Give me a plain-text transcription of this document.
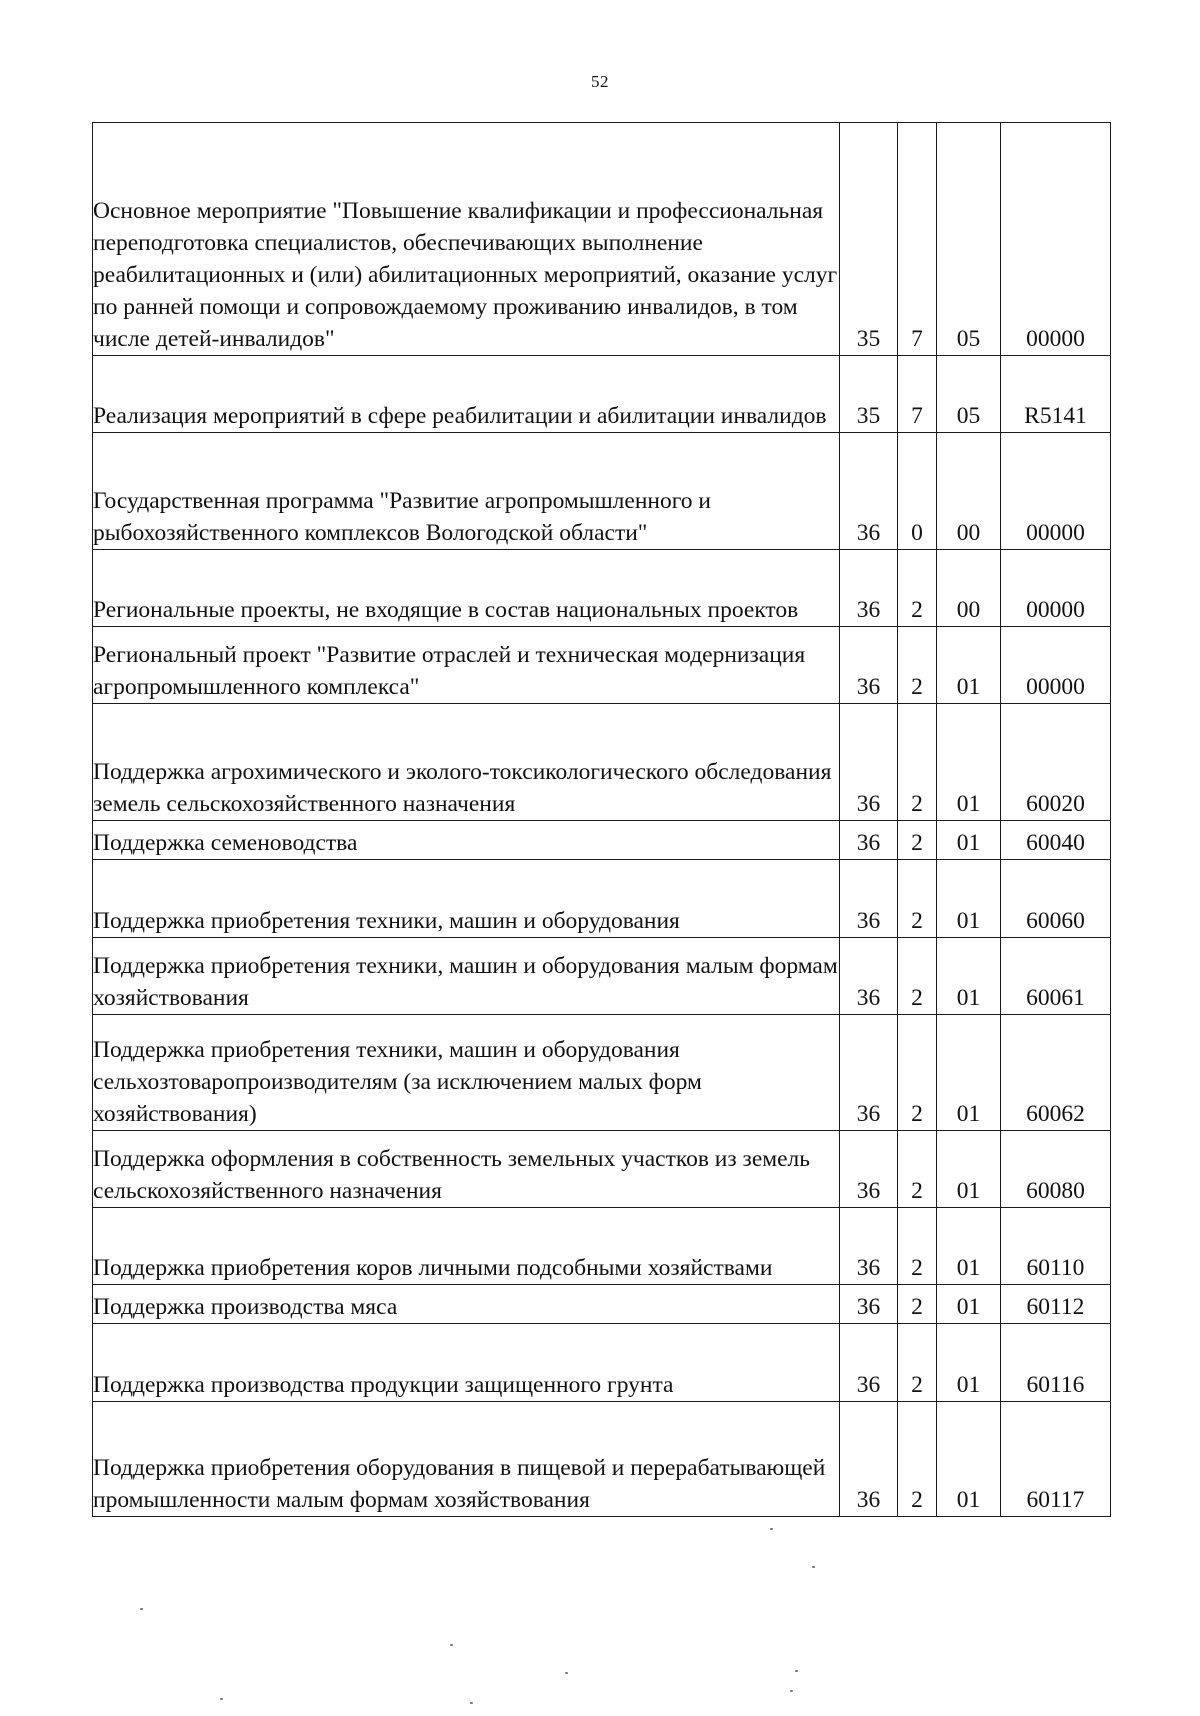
52
Основное мероприятие "Повышение квалификации и профессиональная переподготовка специалистов, обеспечивающих выполнение реабилитационных и (или) абилитационных мероприятий, оказание услуг по ранней помощи и сопровождаемому проживанию инвалидов, в том числе детей-инвалидов"	35	7	05	00000
Реализация мероприятий в сфере реабилитации и абилитации инвалидов	35	7	05	R5141
Государственная программа "Развитие агропромышленного и рыбохозяйственного комплексов Вологодской области"	36	0	00	00000
Региональные проекты, не входящие в состав национальных проектов	36	2	00	00000
Региональный проект "Развитие отраслей и техническая модернизация агропромышленного комплекса"	36	2	01	00000
Поддержка агрохимического и эколого-токсикологического обследования земель сельскохозяйственного назначения	36	2	01	60020
Поддержка семеноводства	36	2	01	60040
Поддержка приобретения техники, машин и оборудования	36	2	01	60060
Поддержка приобретения техники, машин и оборудования малым формам хозяйствования	36	2	01	60061
Поддержка приобретения техники, машин и оборудования сельхозтоваропроизводителям (за исключением малых форм хозяйствования)	36	2	01	60062
Поддержка оформления в собственность земельных участков из земель сельскохозяйственного назначения	36	2	01	60080
Поддержка приобретения коров личными подсобными хозяйствами	36	2	01	60110
Поддержка производства мяса	36	2	01	60112
Поддержка производства продукции защищенного грунта	36	2	01	60116
Поддержка приобретения оборудования в пищевой и перерабатывающей промышленности малым формам хозяйствования	36	2	01	60117
